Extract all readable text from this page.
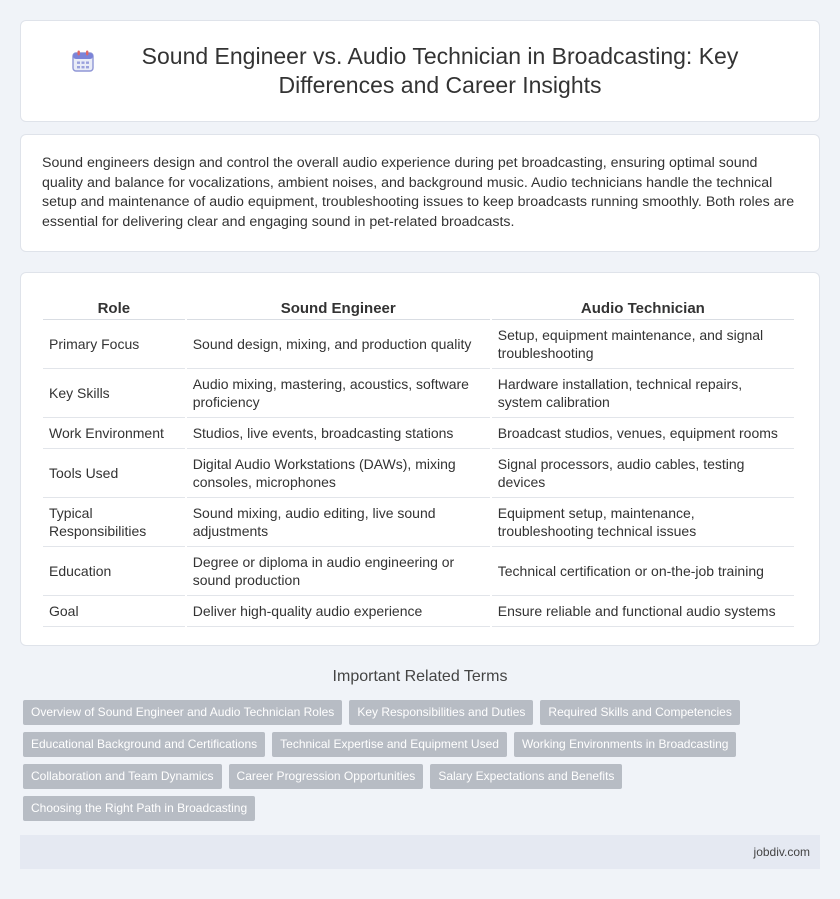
Sound Engineer vs. Audio Technician in Broadcasting: Key Differences and Career Insights

Sound engineers design and control the overall audio experience during pet broadcasting, ensuring optimal sound quality and balance for vocalizations, ambient noises, and background music. Audio technicians handle the technical setup and maintenance of audio equipment, troubleshooting issues to keep broadcasts running smoothly. Both roles are essential for delivering clear and engaging sound in pet-related broadcasts.

Role	Sound Engineer	Audio Technician
Primary Focus	Sound design, mixing, and production quality	Setup, equipment maintenance, and signal troubleshooting
Key Skills	Audio mixing, mastering, acoustics, software proficiency	Hardware installation, technical repairs, system calibration
Work Environment	Studios, live events, broadcasting stations	Broadcast studios, venues, equipment rooms
Tools Used	Digital Audio Workstations (DAWs), mixing consoles, microphones	Signal processors, audio cables, testing devices
Typical Responsibilities	Sound mixing, audio editing, live sound adjustments	Equipment setup, maintenance, troubleshooting technical issues
Education	Degree or diploma in audio engineering or sound production	Technical certification or on-the-job training
Goal	Deliver high-quality audio experience	Ensure reliable and functional audio systems
Important Related Terms
Overview of Sound Engineer and Audio Technician Roles	Key Responsibilities and Duties	Required Skills and Competencies
Educational Background and Certifications	Technical Expertise and Equipment Used	Working Environments in Broadcasting
Collaboration and Team Dynamics	Career Progression Opportunities	Salary Expectations and Benefits
Choosing the Right Path in Broadcasting
jobdiv.com
